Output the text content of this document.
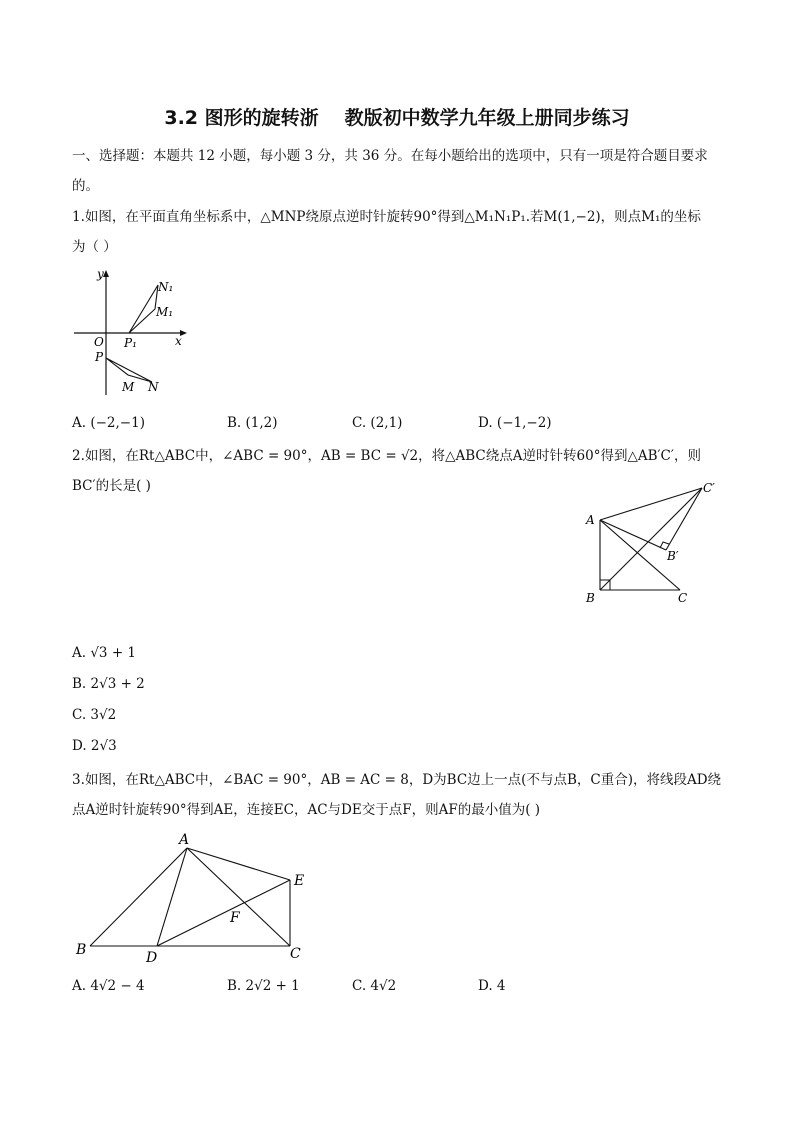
3.2 图形的旋转浙 教版初中数学九年级上册同步练习
一、选择题：本题共 12 小题，每小题 3 分，共 36 分。在每小题给出的选项中，只有一项是符合题目要求
的。
1.如图，在平面直角坐标系中，△MNP绕原点逆时针旋转90°得到△M₁N₁P₁.若M(1,−2)，则点M₁的坐标
为（ ）
y
x
O P₁
M₁
N₁
P
M N
A. (−2,−1)	B. (1,2)	C. (2,1)	D. (−1,−2)
2.如图，在Rt△ABC中，∠ABC = 90°，AB = BC = √2，将△ABC绕点A逆时针转60°得到△AB′C′，则
BC′的长是( )
A
B	C
B′
C′
A. √3 + 1
B. 2√3 + 2
C. 3√2
D. 2√3
3.如图，在Rt△ABC中，∠BAC = 90°，AB = AC = 8，D为BC边上一点(不与点B，C重合)，将线段AD绕
点A逆时针旋转90°得到AE，连接EC，AC与DE交于点F，则AF的最小值为( )
A
B	C
D
E
F
A. 4√2 − 4	B. 2√2 + 1	C. 4√2	D. 4
